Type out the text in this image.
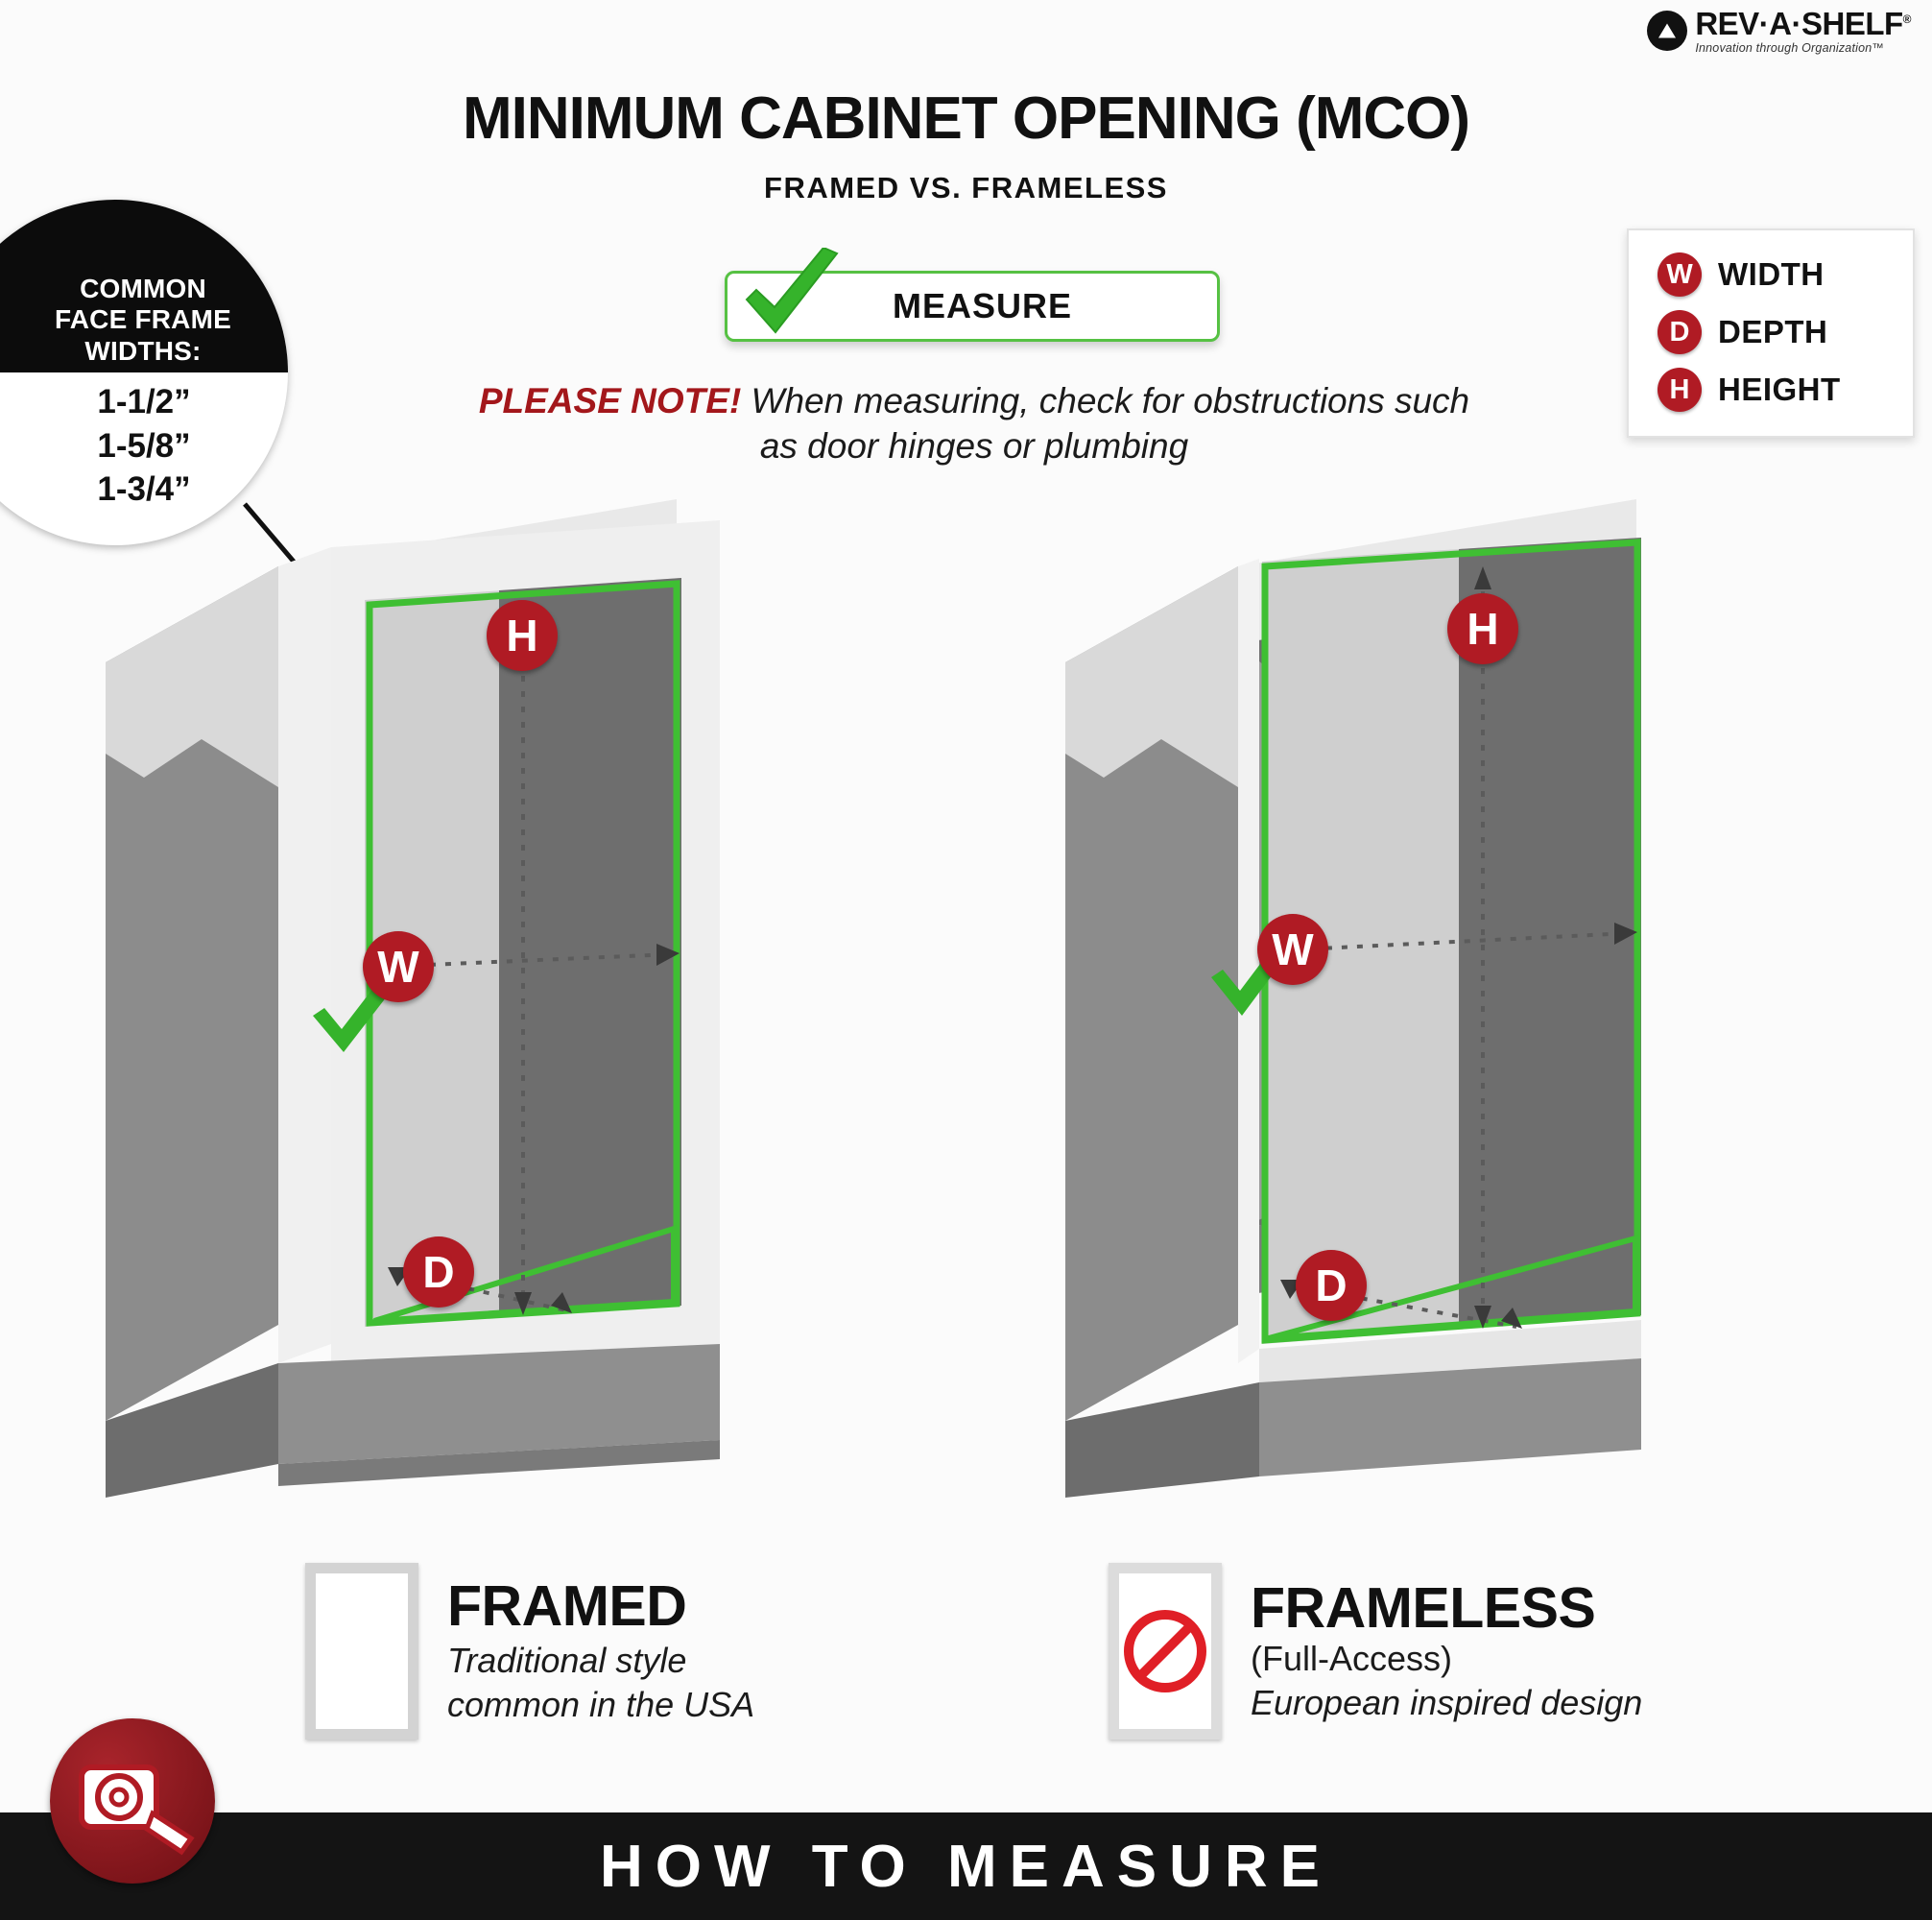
REV·A·SHELF®
Innovation through Organization™
MINIMUM CABINET OPENING (MCO)
FRAMED VS. FRAMELESS
COMMON
FACE FRAME
WIDTHS:
1-1/2”
1-5/8”
1-3/4”
MEASURE
PLEASE NOTE! When measuring, check for obstructions such as door hinges or plumbing
W WIDTH
D DEPTH
H HEIGHT
H
W
D
H
W
D
FRAMED
Traditional style
common in the USA
FRAMELESS
(Full-Access)
European inspired design
HOW TO MEASURE
